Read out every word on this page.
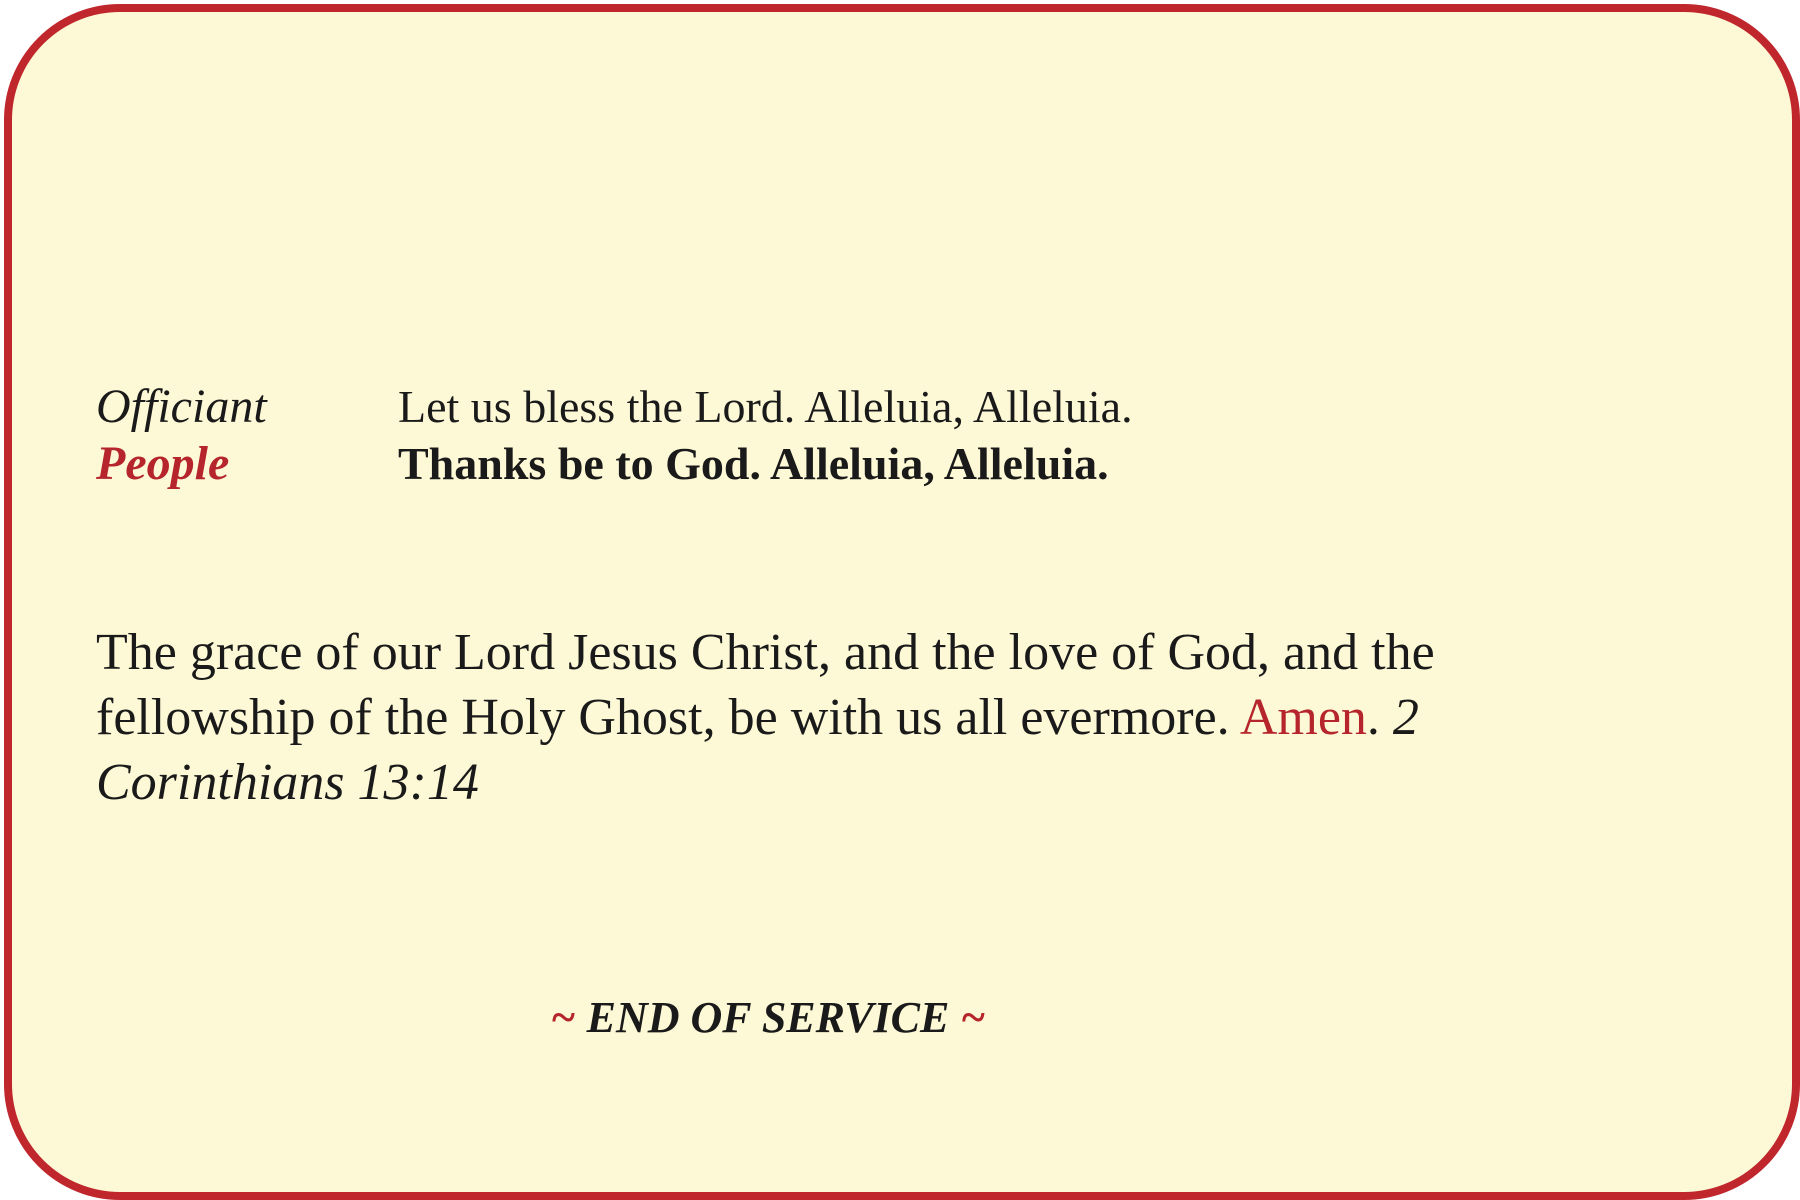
Officiant	Let us bless the Lord. Alleluia, Alleluia.
People	Thanks be to God. Alleluia, Alleluia.
The grace of our Lord Jesus Christ, and the love of God, and the fellowship of the Holy Ghost, be with us all evermore. Amen. 2 Corinthians 13:14
~ END OF SERVICE ~
